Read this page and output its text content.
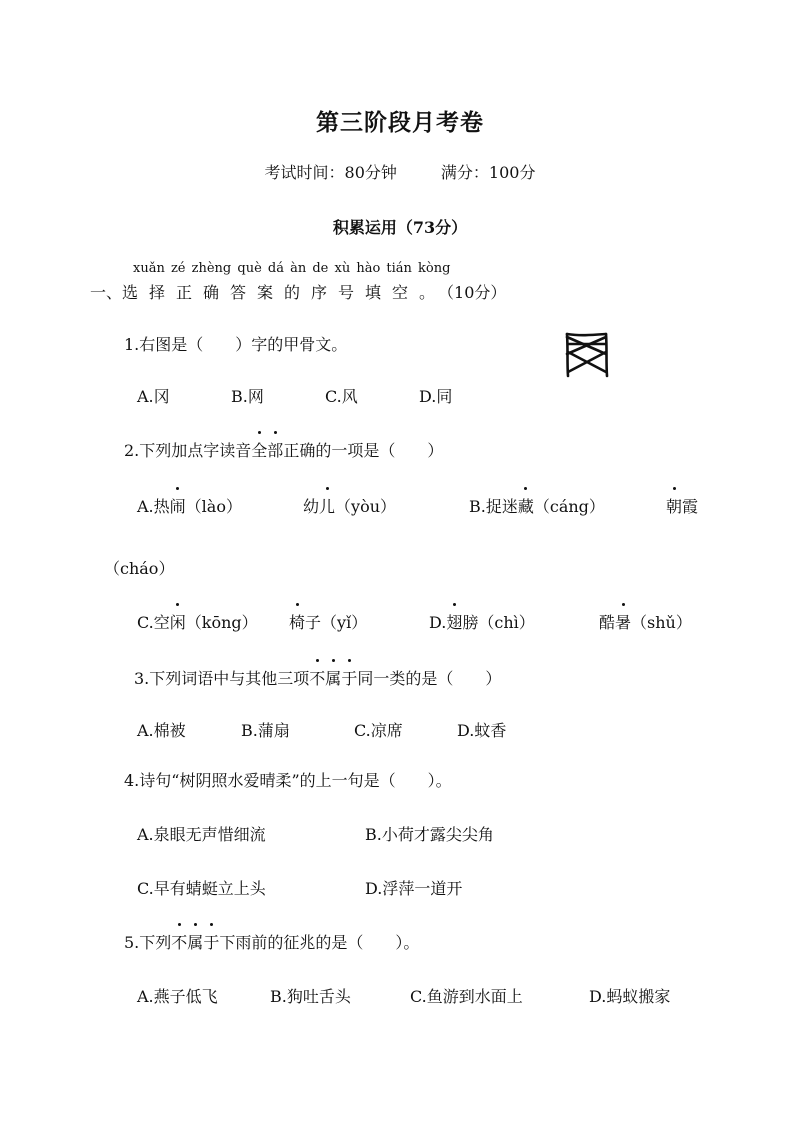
第三阶段月考卷
考试时间：80分钟	满分：100分
积累运用（73分）
xuǎn zé zhèng què dá àn de xù hào tián kòng
一、选择正确答案的序号填空。（10分）
1.右图是（　　）字的甲骨文。
A.冈	B.网	C.风	D.同
2.下列加点字读音全部正确的一项是（　　）
A.热闹（lào）	幼儿（yòu）	B.捉迷藏（cáng）	朝霞
（cháo）
C.空闲（kōng） 椅子（yǐ）	D.翅膀（chì）	酷暑（shǔ）
3.下列词语中与其他三项不属于同一类的是（　　）
A.棉被	B.蒲扇	C.凉席	D.蚊香
4.诗句“树阴照水爱晴柔”的上一句是（　　）。
A.泉眼无声惜细流	B.小荷才露尖尖角
C.早有蜻蜓立上头	D.浮萍一道开
5.下列不属于下雨前的征兆的是（　　）。
A.燕子低飞	B.狗吐舌头	C.鱼游到水面上	D.蚂蚁搬家
